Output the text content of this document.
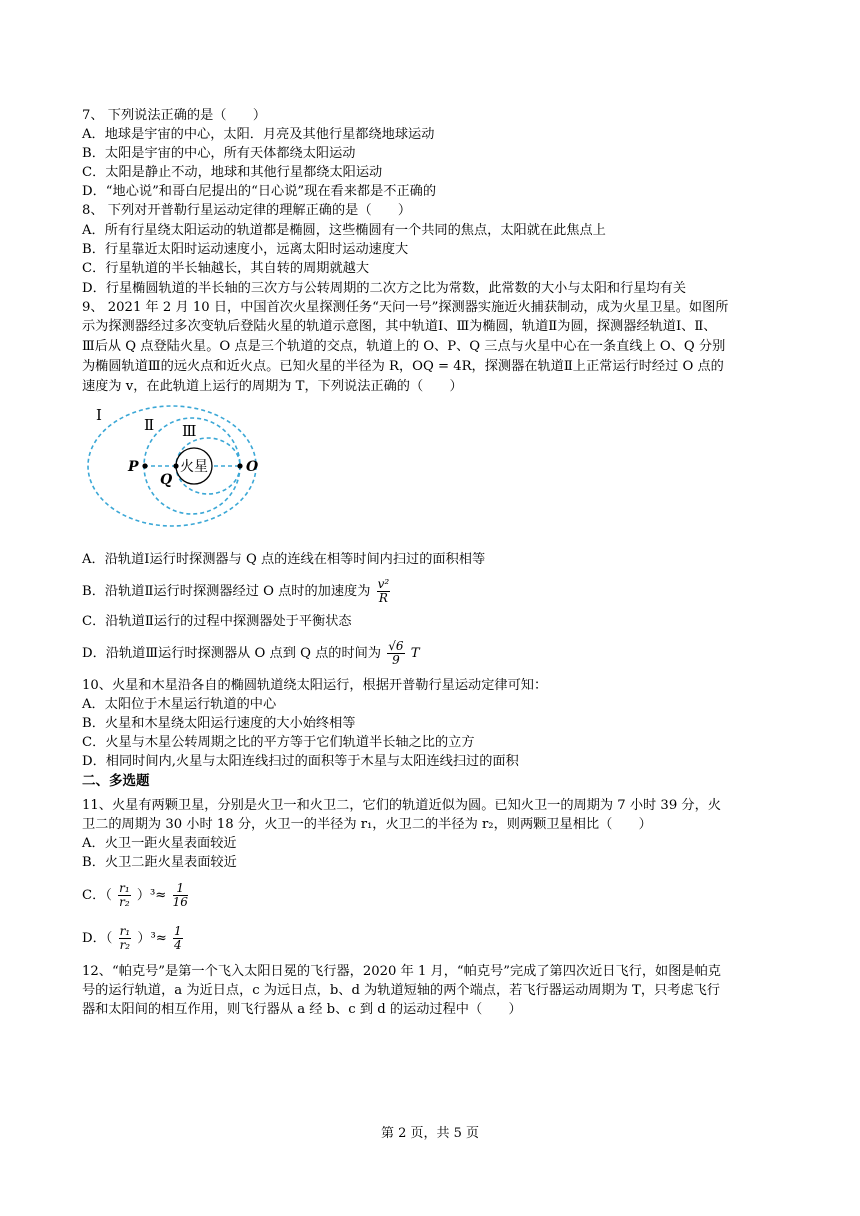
7、 下列说法正确的是（　　）
A．地球是宇宙的中心，太阳．月亮及其他行星都绕地球运动
B．太阳是宇宙的中心，所有天体都绕太阳运动
C．太阳是静止不动，地球和其他行星都绕太阳运动
D．“地心说”和哥白尼提出的“日心说”现在看来都是不正确的
8、 下列对开普勒行星运动定律的理解正确的是（　　）
A．所有行星绕太阳运动的轨道都是椭圆，这些椭圆有一个共同的焦点，太阳就在此焦点上
B．行星靠近太阳时运动速度小，远离太阳时运动速度大
C．行星轨道的半长轴越长，其自转的周期就越大
D．行星椭圆轨道的半长轴的三次方与公转周期的二次方之比为常数，此常数的大小与太阳和行星均有关
9、 2021 年 2 月 10 日，中国首次火星探测任务“天问一号”探测器实施近火捕获制动，成为火星卫星。如图所
示为探测器经过多次变轨后登陆火星的轨道示意图，其中轨道Ⅰ、Ⅲ为椭圆，轨道Ⅱ为圆，探测器经轨道Ⅰ、Ⅱ、
Ⅲ后从 Q 点登陆火星。O 点是三个轨道的交点，轨道上的 O、P、Q 三点与火星中心在一条直线上 O、Q 分别
为椭圆轨道Ⅲ的远火点和近火点。已知火星的半径为 R，OQ = 4R，探测器在轨道Ⅱ上正常运行时经过 O 点的
速度为 v，在此轨道上运行的周期为 T，下列说法正确的（　　）
火星
P
Q
O
Ⅰ
Ⅱ Ⅲ
A．沿轨道Ⅰ运行时探测器与 Q 点的连线在相等时间内扫过的面积相等
B．沿轨道Ⅱ运行时探测器经过 O 点时的加速度为 $\frac{\text{v²}}{R}$
C．沿轨道Ⅱ运行的过程中探测器处于平衡状态
D．沿轨道Ⅲ运行时探测器从 O 点到 Q 点的时间为 $\frac{√6}{9}$ T
10、火星和木星沿各自的椭圆轨道绕太阳运行，根据开普勒行星运动定律可知：
A．太阳位于木星运行轨道的中心
B．火星和木星绕太阳运行速度的大小始终相等
C．火星与木星公转周期之比的平方等于它们轨道半长轴之比的立方
D．相同时间内,火星与太阳连线扫过的面积等于木星与太阳连线扫过的面积
二、多选题
11、火星有两颗卫星，分别是火卫一和火卫二，它们的轨道近似为圆。已知火卫一的周期为 7 小时 39 分，火
卫二的周期为 30 小时 18 分，火卫一的半径为 r₁，火卫二的半径为 r₂，则两颗卫星相比（　　）
A．火卫一距火星表面较近
B．火卫二距火星表面较近
C．（ $\frac{\text{r₁}}{\text{r₂}} )^3\approx \frac{1}{16}$
D．（ $\frac{\text{r₁}}{\text{r₂}} )^3\approx \frac{1}{4}$
12、“帕克号”是第一个飞入太阳日冕的飞行器，2020 年 1 月，“帕克号”完成了第四次近日飞行，如图是帕克
号的运行轨道，a 为近日点，c 为远日点，b、d 为轨道短轴的两个端点，若飞行器运动周期为 T，只考虑飞行
器和太阳间的相互作用，则飞行器从 a 经 b、c 到 d 的运动过程中（　　）
第 2 页，共 5 页
